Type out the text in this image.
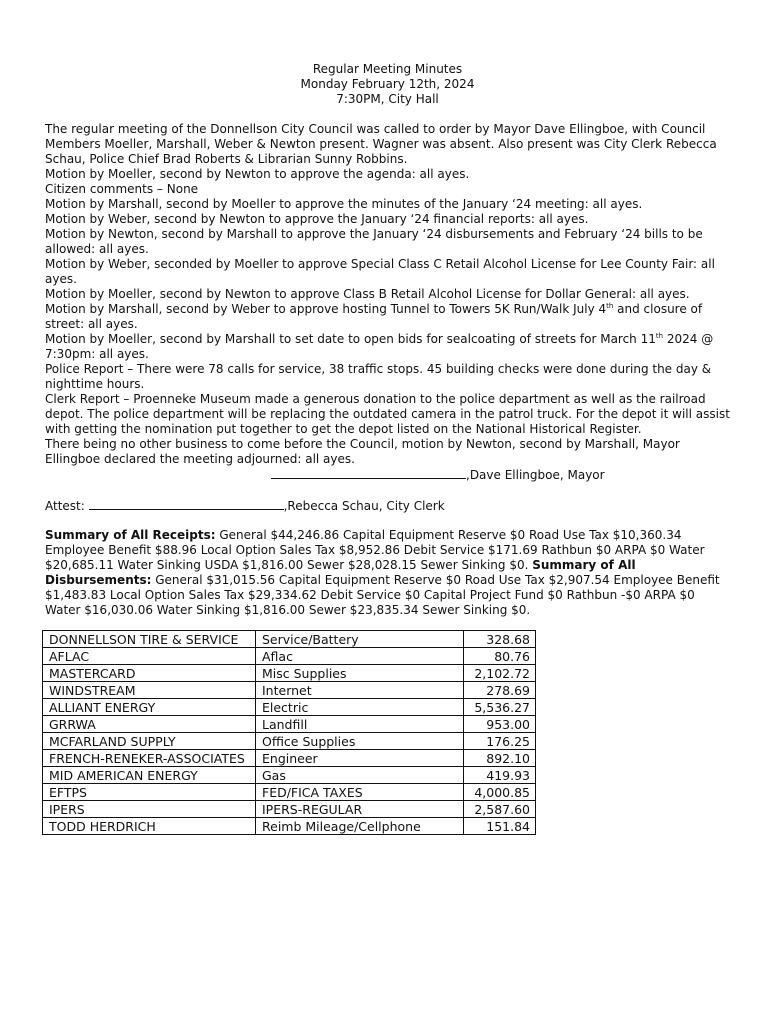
Regular Meeting Minutes
Monday February 12th, 2024
7:30PM, City Hall

The regular meeting of the Donnellson City Council was called to order by Mayor Dave Ellingboe, with Council Members Moeller, Marshall, Weber & Newton present. Wagner was absent. Also present was City Clerk Rebecca Schau, Police Chief Brad Roberts & Librarian Sunny Robbins.

Motion by Moeller, second by Newton to approve the agenda: all ayes.

Citizen comments – None

Motion by Marshall, second by Moeller to approve the minutes of the January ‘24 meeting: all ayes.

Motion by Weber, second by Newton to approve the January ‘24 financial reports: all ayes.

Motion by Newton, second by Marshall to approve the January ‘24 disbursements and February ‘24 bills to be allowed: all ayes.

Motion by Weber, seconded by Moeller to approve Special Class C Retail Alcohol License for Lee County Fair: all ayes.

Motion by Moeller, second by Newton to approve Class B Retail Alcohol License for Dollar General: all ayes.

Motion by Marshall, second by Weber to approve hosting Tunnel to Towers 5K Run/Walk July 4th and closure of street: all ayes.

Motion by Moeller, second by Marshall to set date to open bids for sealcoating of streets for March 11th 2024 @ 7:30pm: all ayes.

Police Report – There were 78 calls for service, 38 traffic stops. 45 building checks were done during the day & nighttime hours.

Clerk Report – Proenneke Museum made a generous donation to the police department as well as the railroad depot. The police department will be replacing the outdated camera in the patrol truck. For the depot it will assist with getting the nomination put together to get the depot listed on the National Historical Register.

There being no other business to come before the Council, motion by Newton, second by Marshall, Mayor Ellingboe declared the meeting adjourned: all ayes.

,Dave Ellingboe, Mayor

Attest:	,Rebecca Schau, City Clerk
Summary of All Receipts: General $44,246.86 Capital Equipment Reserve $0 Road Use Tax $10,360.34 Employee Benefit $88.96 Local Option Sales Tax $8,952.86 Debit Service $171.69 Rathbun $0 ARPA $0 Water $20,685.11 Water Sinking USDA $1,816.00 Sewer $28,028.15 Sewer Sinking $0. Summary of All Disbursements: General $31,015.56 Capital Equipment Reserve $0 Road Use Tax $2,907.54 Employee Benefit $1,483.83 Local Option Sales Tax $29,334.62 Debit Service $0 Capital Project Fund $0 Rathbun -$0 ARPA $0 Water $16,030.06 Water Sinking $1,816.00 Sewer $23,835.34 Sewer Sinking $0.
DONNELLSON TIRE & SERVICE	Service/Battery	328.68
AFLAC	Aflac	80.76
MASTERCARD	Misc Supplies	2,102.72
WINDSTREAM	Internet	278.69
ALLIANT ENERGY	Electric	5,536.27
GRRWA	Landfill	953.00
MCFARLAND SUPPLY	Office Supplies	176.25
FRENCH-RENEKER-ASSOCIATES	Engineer	892.10
MID AMERICAN ENERGY	Gas	419.93
EFTPS	FED/FICA TAXES	4,000.85
IPERS	IPERS-REGULAR	2,587.60
TODD HERDRICH	Reimb Mileage/Cellphone	151.84
